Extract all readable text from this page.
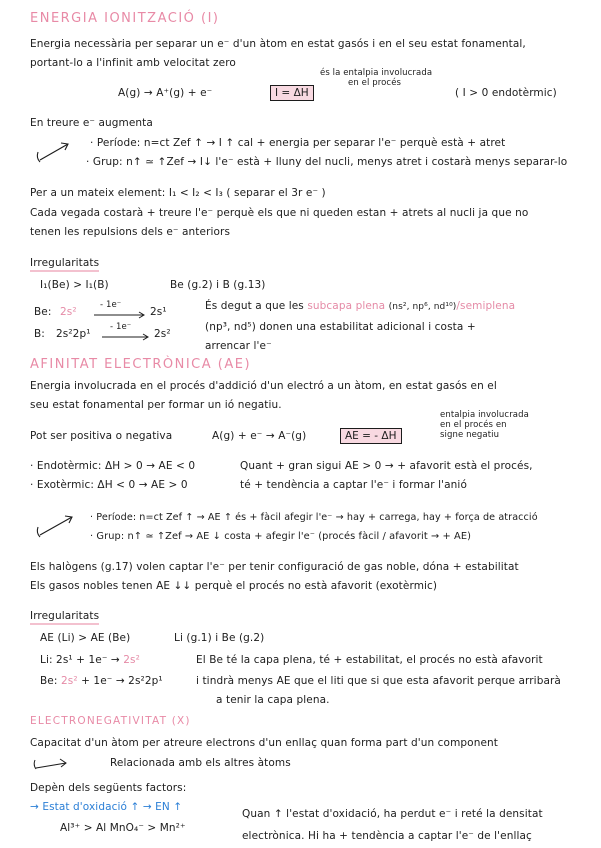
ENERGIA IONITZACIÓ (I)
Energia necessària per separar un e⁻ d'un àtom en estat gasós i en el seu estat fonamental,
portant-lo a l'infinit amb velocitat zero
és la entalpia involucrada
en el procés
A(g) → A⁺(g) + e⁻	I = ΔH	( I > 0 endotèrmic)
En treure e⁻ augmenta
· Període: n=ct Zef ↑ → I ↑ cal + energia per separar l'e⁻ perquè està + atret
· Grup: n↑ ≃ ↑Zef → I↓ l'e⁻ està + lluny del nucli, menys atret i costarà menys separar-lo
Per a un mateix element: I₁ < I₂ < I₃ ( separar el 3r e⁻ )
Cada vegada costarà + treure l'e⁻ perquè els que ni queden estan + atrets al nucli ja que no
tenen les repulsions dels e⁻ anteriors
Irregularitats
I₁(Be) > I₁(B)	Be (g.2) i B (g.13)
Be: 2s²
- 1e⁻
2s¹
B: 2s²2p¹
- 1e⁻
2s²
És degut a que les subcapa plena (ns², np⁶, nd¹⁰)/semiplena
(np³, nd⁵) donen una estabilitat adicional i costa +
arrencar l'e⁻
AFINITAT ELECTRÒNICA (AE)
Energia involucrada en el procés d'addició d'un electró a un àtom, en estat gasós en el
seu estat fonamental per formar un ió negatiu.
entalpia involucrada
en el procés en
signe negatiu
Pot ser positiva o negativa	A(g) + e⁻ → A⁻(g)	AE = - ΔH
· Endotèrmic: ΔH > 0 → AE < 0
· Exotèrmic: ΔH < 0 → AE > 0
Quant + gran sigui AE > 0 → + afavorit està el procés,
té + tendència a captar l'e⁻ i formar l'anió
· Període: n=ct Zef ↑ → AE ↑ és + fàcil afegir l'e⁻ → hay + carrega, hay + força de atracció
· Grup: n↑ ≃ ↑Zef → AE ↓ costa + afegir l'e⁻ (procés fàcil / afavorit → + AE)
Els halògens (g.17) volen captar l'e⁻ per tenir configuració de gas noble, dóna + estabilitat
Els gasos nobles tenen AE ↓↓ perquè el procés no està afavorit (exotèrmic)
Irregularitats
AE (Li) > AE (Be)	Li (g.1) i Be (g.2)
Li: 2s¹ + 1e⁻ → 2s²	El Be té la capa plena, té + estabilitat, el procés no està afavorit
Be: 2s² + 1e⁻ → 2s²2p¹	i tindrà menys AE que el liti que si que esta afavorit perque arribarà
a tenir la capa plena.
ELECTRONEGATIVITAT (X)
Capacitat d'un àtom per atreure electrons d'un enllaç quan forma part d'un component
Relacionada amb els altres àtoms
Depèn dels següents factors:
→ Estat d'oxidació ↑ → EN ↑
Al³⁺ > Al MnO₄⁻ > Mn²⁺
Quan ↑ l'estat d'oxidació, ha perdut e⁻ i reté la densitat
electrònica. Hi ha + tendència a captar l'e⁻ de l'enllaç
